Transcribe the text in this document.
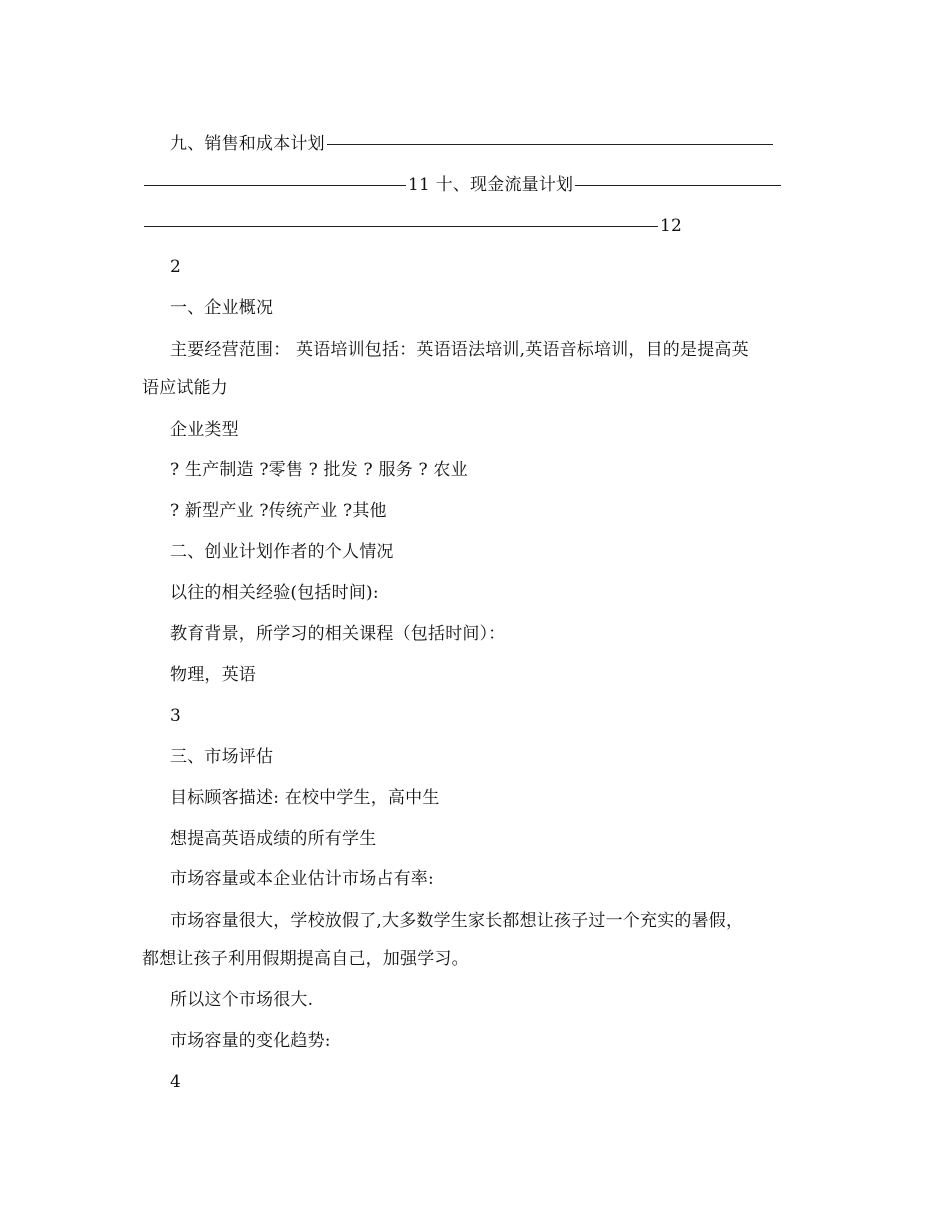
九、销售和成本计划
11 十、现金流量计划
12
2
一、企业概况
主要经营范围： 英语培训包括：英语语法培训,英语音标培训，目的是提高英
语应试能力
企业类型
? 生产制造 ?零售 ? 批发 ? 服务 ? 农业
? 新型产业 ?传统产业 ?其他
二、创业计划作者的个人情况
以往的相关经验(包括时间):
教育背景，所学习的相关课程（包括时间）：
物理，英语
3
三、市场评估
目标顾客描述: 在校中学生，高中生
想提高英语成绩的所有学生
市场容量或本企业估计市场占有率:
市场容量很大，学校放假了,大多数学生家长都想让孩子过一个充实的暑假，
都想让孩子利用假期提高自己，加强学习。
所以这个市场很大.
市场容量的变化趋势:
4
